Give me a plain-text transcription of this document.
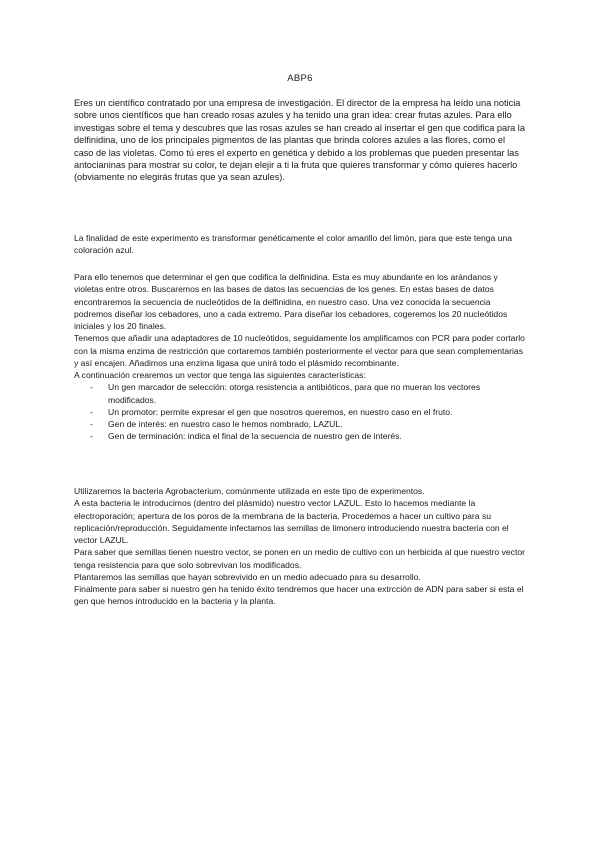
ABP6

Eres un científico contratado por una empresa de investigación. El director de la empresa ha leído una noticia sobre unos científicos que han creado rosas azules y ha tenido una gran idea: crear frutas azules. Para ello investigas sobre el tema y descubres que las rosas azules se han creado al insertar el gen que codifica para la delfinidina, uno de los principales pigmentos de las plantas que brinda colores azules a las flores, como el caso de las violetas. Como tú eres el experto en genética y debido a los problemas que pueden presentar las antocianinas para mostrar su color, te dejan elejir a ti la fruta que quieres transformar y cómo quieres hacerlo (obviamente no elegirás frutas que ya sean azules).

La finalidad de este experimento es transformar genéticamente el color amarillo del limón, para que este tenga una coloración azul.

Para ello tenemos que determinar el gen que codifica la delfinidina. Esta es muy abundante en los arándanos y violetas entre otros. Buscaremos en las bases de datos las secuencias de los genes. En estas bases de datos encontraremos la secuencia de nucleótidos de la delfinidina, en nuestro caso. Una vez conocida la secuencia podremos diseñar los cebadores, uno a cada extremo. Para diseñar los cebadores, cogeremos los 20 nucleótidos iniciales y los 20 finales.

Tenemos que añadir una adaptadores de 10 nucleótidos, seguidamente los amplificamos con PCR para poder cortarlo con la misma enzima de restricción que cortaremos también posteriormente el vector para que sean complementarias y así encajen. Añadimos una enzima ligasa que unirá todo el plásmido recombinante.

A continuación crearemos un vector que tenga las siguientes características:

- Un gen marcador de selección: otorga resistencia a antibióticos, para que no mueran los vectores modificados.
- Un promotor: permite expresar el gen que nosotros queremos, en nuestro caso en el fruto.
- Gen de interés: en nuestro caso le hemos nombrado, LAZUL.
- Gen de terminación: indica el final de la secuencia de nuestro gen de interés.

Utilizaremos la bacteria Agrobacterium, comúnmente utilizada en este tipo de experimentos.

A esta bacteria le introducimos (dentro del plásmido) nuestro vector LAZUL. Esto lo hacemos mediante la electroporación; apertura de los poros de la membrana de la bacteria. Procedemos a hacer un cultivo para su replicación/reproducción. Seguidamente infectamos las semillas de limonero introduciendo nuestra bacteria con el vector LAZUL.

Para saber que semillas tienen nuestro vector, se ponen en un medio de cultivo con un herbicida al que nuestro vector tenga resistencia para que solo sobrevivan los modificados.

Plantaremos las semillas que hayan sobrevivido en un medio adecuado para su desarrollo.

Finalmente para saber si nuestro gen ha tenido éxito tendremos que hacer una extrcción de ADN para saber si esta el gen que hemos introducido en la bacteria y la planta.
